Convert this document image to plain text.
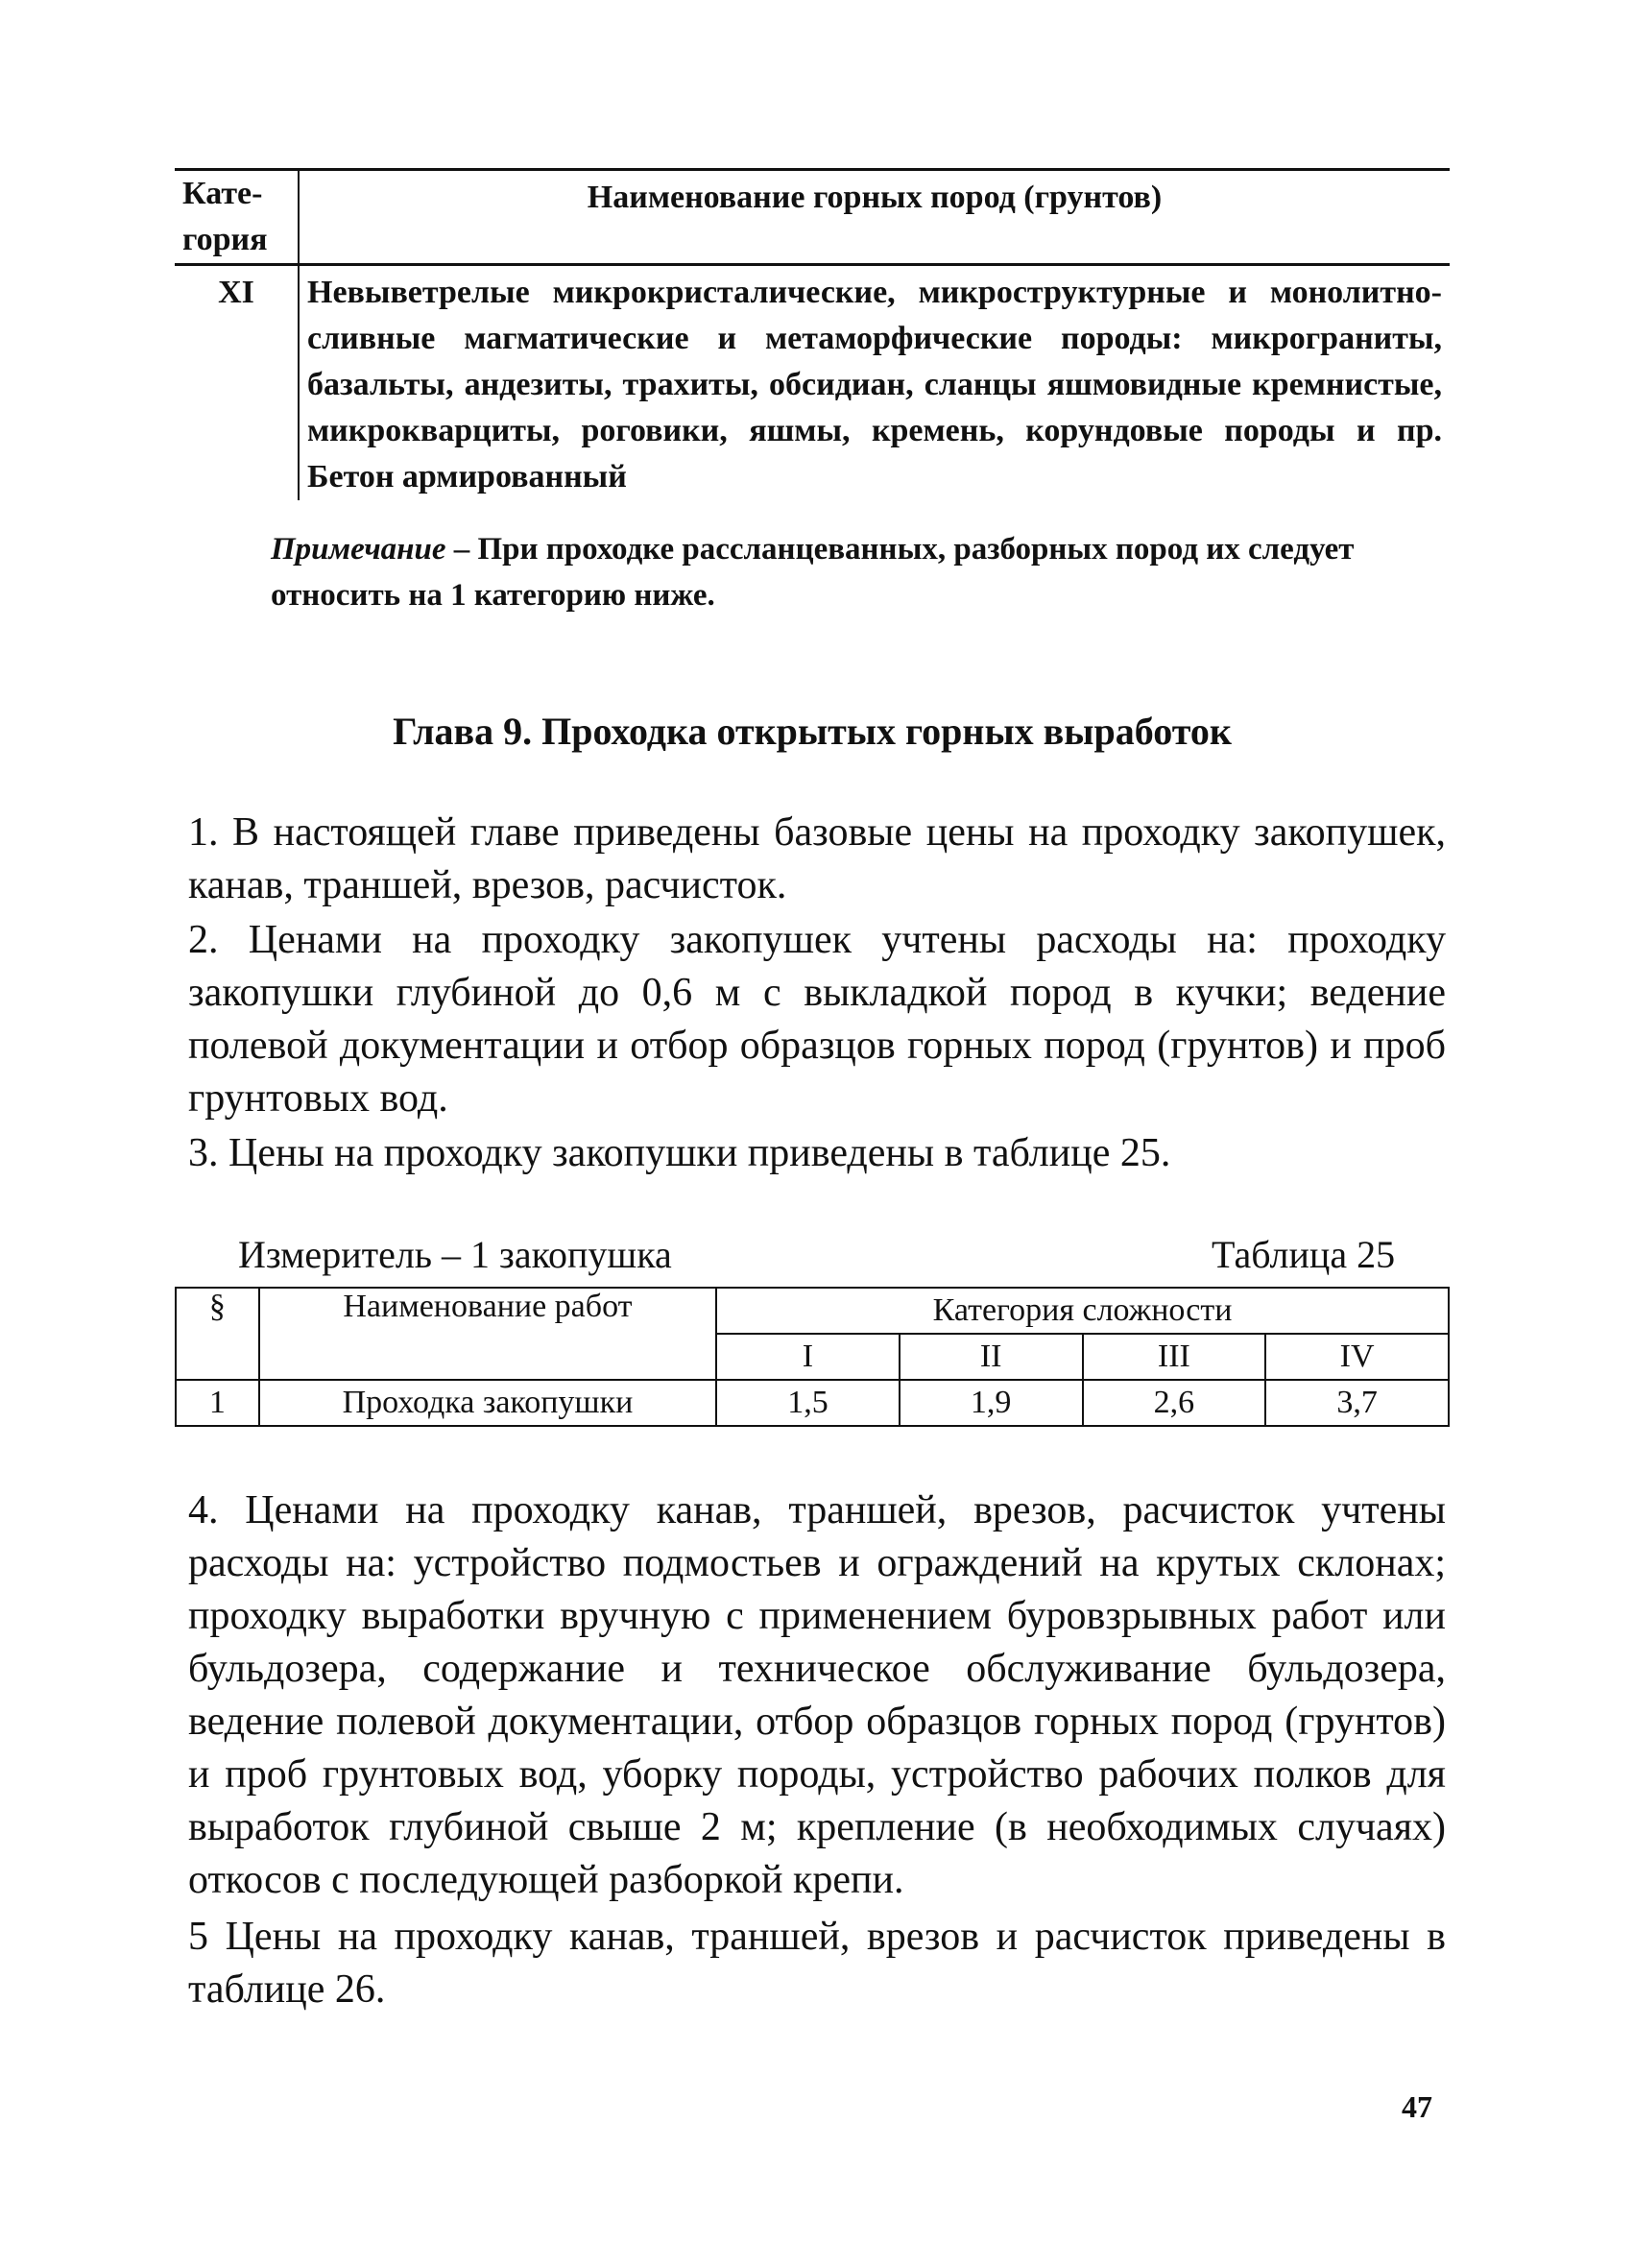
Кате-гория	Наименование горных пород (грунтов)
XI	Невыветрелые микрокристалические, микроструктурные и монолитно-сливные магматические и метаморфические породы: микрограниты, базальты, андезиты, трахиты, обсидиан, сланцы яшмовидные кремнистые, микрокварциты, роговики, яшмы, кремень, корундовые породы и пр. Бетон армированный
Примечание – При проходке рассланцеванных, разборных пород их следует относить на 1 категорию ниже.
Глава 9. Проходка открытых горных выработок
1. В настоящей главе приведены базовые цены на проходку закопушек, канав, траншей, врезов, расчисток.
2. Ценами на проходку закопушек учтены расходы на: проходку закопушки глубиной до 0,6 м с выкладкой пород в кучки; ведение полевой документации и отбор образцов горных пород (грунтов) и проб грунтовых вод.
3. Цены на проходку закопушки приведены в таблице 25.
Измеритель – 1 закопушка	Таблица 25
§	Наименование работ	Категория сложности			
		I	II	III	IV
1	Проходка закопушки	1,5	1,9	2,6	3,7
4. Ценами на проходку канав, траншей, врезов, расчисток учтены расходы на: устройство подмостьев и ограждений на крутых склонах; проходку выработки вручную с применением буровзрывных работ или бульдозера, содержание и техническое обслуживание бульдозера, ведение полевой документации, отбор образцов горных пород (грунтов) и проб грунтовых вод, уборку породы, устройство рабочих полков для выработок глубиной свыше 2 м; крепление (в необходимых случаях) откосов с последующей разборкой крепи.
5 Цены на проходку канав, траншей, врезов и расчисток приведены в таблице 26.
47
